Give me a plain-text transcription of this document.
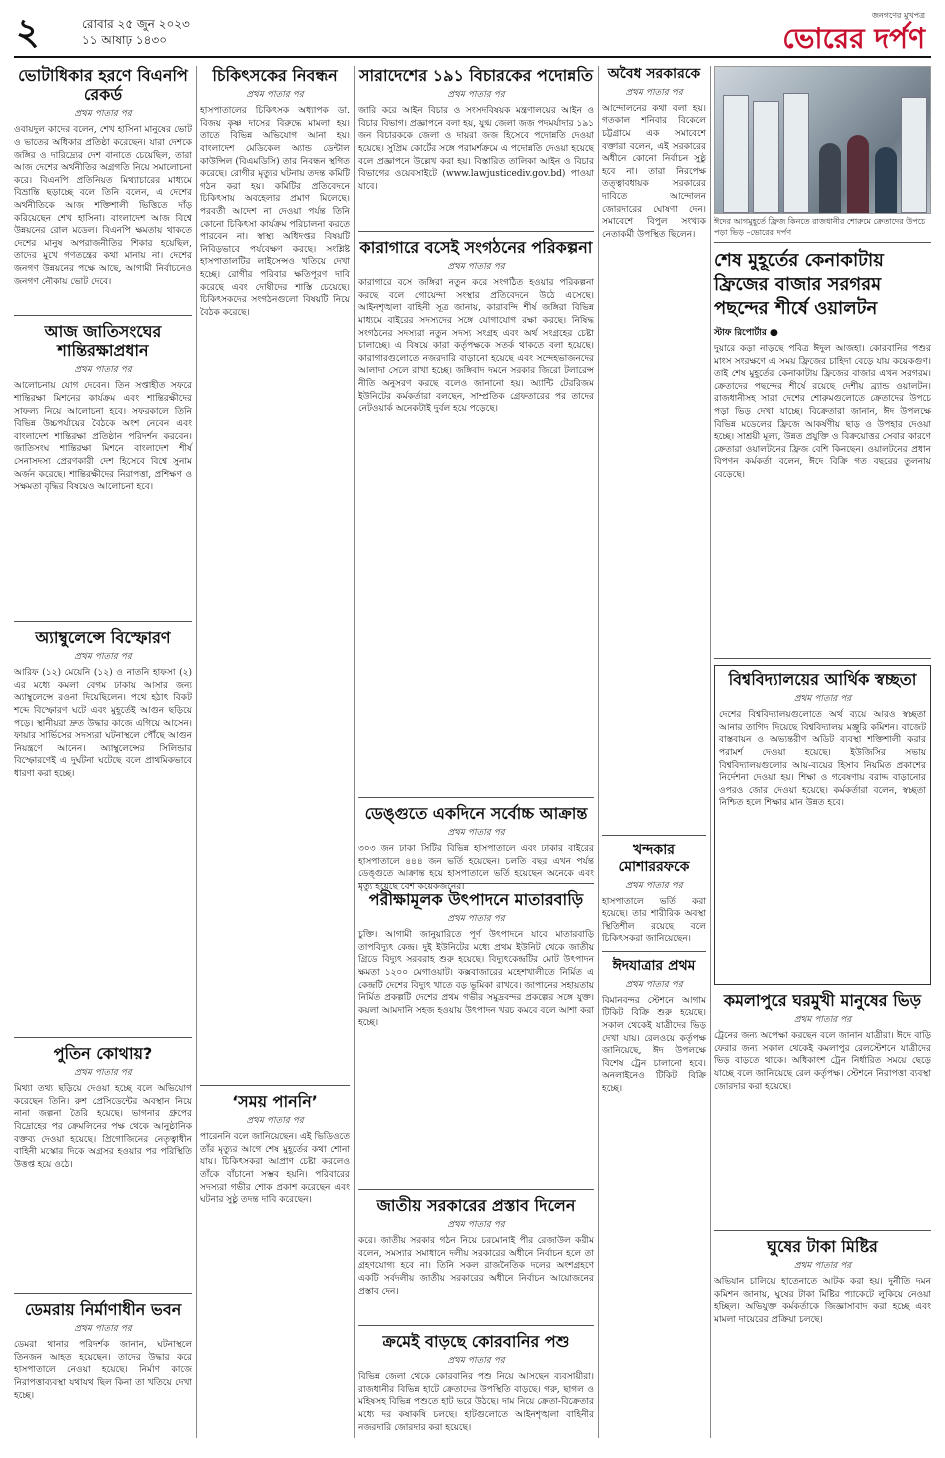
২	রোবার ২৫ জুন ২০২৩
১১ আষাঢ় ১৪৩০
জনগণের মুখপত্র
ভোরের দর্পণ
ভোটাধিকার হরণে বিএনপি রেকর্ড
প্রথম পাতার পর
ওবায়দুল কাদের বলেন, শেখ হাসিনা মানুষের ভোট ও ভাতের অধিকার প্রতিষ্ঠা করেছেন। যারা দেশকে জঙ্গির ও দারিদ্র্যের দেশ বানাতে চেয়েছিল, তারা আজ দেশের অর্থনীতির অগ্রগতি নিয়ে সমালোচনা করে। বিএনপি প্রতিনিয়ত মিথ্যাচারের মাধ্যমে বিভ্রান্তি ছড়াচ্ছে বলে তিনি বলেন, এ দেশের অর্থনীতিকে আজ শক্তিশালী ভিত্তিতে দাঁড় করিয়েছেন শেখ হাসিনা। বাংলাদেশ আজ বিশ্বে উন্নয়নের রোল মডেল। বিএনপি ক্ষমতায় থাকতে দেশের মানুষ অপরাজনীতির শিকার হয়েছিল, তাদের মুখে গণতন্ত্রের কথা মানায় না। দেশের জনগণ উন্নয়নের পক্ষে আছে, আগামী নির্বাচনেও জনগণ নৌকায় ভোট দেবে।
আজ জাতিসংঘের শান্তিরক্ষাপ্রধান
প্রথম পাতার পর
আলোচনায় যোগ দেবেন। তিন সপ্তাহীত সফরে শান্তিরক্ষা মিশনের কার্যক্রম এবং শান্তিরক্ষীদের সাফল্য নিয়ে আলোচনা হবে। সফরকালে তিনি বিভিন্ন উচ্চপর্যায়ের বৈঠকে অংশ নেবেন এবং বাংলাদেশ শান্তিরক্ষা প্রতিষ্ঠান পরিদর্শন করবেন। জাতিসংঘ শান্তিরক্ষা মিশনে বাংলাদেশ শীর্ষ সেনাসদস্য প্রেরণকারী দেশ হিসেবে বিশ্বে সুনাম অর্জন করেছে। শান্তিরক্ষীদের নিরাপত্তা, প্রশিক্ষণ ও সক্ষমতা বৃদ্ধির বিষয়েও আলোচনা হবে।
অ্যাম্বুলেন্সে বিস্ফোরণ
প্রথম পাতার পর
আরিফ (১২) মেয়েনি (১২) ও নাতনি হাফসা (২) এর মধ্যে কমলা বেগম ঢাকায় আসার জন্য অ্যাম্বুলেন্সে রওনা দিয়েছিলেন। পথে হঠাৎ বিকট শব্দে বিস্ফোরণ ঘটে এবং মুহূর্তেই আগুন ছড়িয়ে পড়ে। স্থানীয়রা দ্রুত উদ্ধার কাজে এগিয়ে আসেন। ফায়ার সার্ভিসের সদস্যরা ঘটনাস্থলে পৌঁছে আগুন নিয়ন্ত্রণে আনেন। অ্যাম্বুলেন্সের সিলিন্ডার বিস্ফোরণেই এ দুর্ঘটনা ঘটেছে বলে প্রাথমিকভাবে ধারণা করা হচ্ছে।
পুতিন কোথায়?
প্রথম পাতার পর
মিথ্যা তথ্য ছড়িয়ে দেওয়া হচ্ছে বলে অভিযোগ করেছেন তিনি। রুশ প্রেসিডেন্টের অবস্থান নিয়ে নানা জল্পনা তৈরি হয়েছে। ভাগনার গ্রুপের বিদ্রোহের পর ক্রেমলিনের পক্ষ থেকে আনুষ্ঠানিক বক্তব্য দেওয়া হয়েছে। প্রিগোজিনের নেতৃত্বাধীন বাহিনী মস্কোর দিকে অগ্রসর হওয়ার পর পরিস্থিতি উত্তপ্ত হয়ে ওঠে।
ডেমরায় নির্মাণাধীন ভবন
প্রথম পাতার পর
ডেমরা থানার পরিদর্শক জানান, ঘটনাস্থলে তিনজন আহত হয়েছেন। তাদের উদ্ধার করে হাসপাতালে নেওয়া হয়েছে। নির্মাণ কাজে নিরাপত্তাব্যবস্থা যথাযথ ছিল কিনা তা খতিয়ে দেখা হচ্ছে।
চিকিৎসকের নিবন্ধন
প্রথম পাতার পর
হাসপাতালের চিকিৎসক অধ্যাপক ডা. বিজয় কৃষ্ণ দাসের বিরুদ্ধে মামলা হয়। তাতে বিভিন্ন অভিযোগ আনা হয়। বাংলাদেশ মেডিকেল অ্যান্ড ডেন্টাল কাউন্সিল (বিএমডিসি) তার নিবন্ধন স্থগিত করেছে। রোগীর মৃত্যুর ঘটনায় তদন্ত কমিটি গঠন করা হয়। কমিটির প্রতিবেদনে চিকিৎসায় অবহেলার প্রমাণ মিলেছে। পরবর্তী আদেশ না দেওয়া পর্যন্ত তিনি কোনো চিকিৎসা কার্যক্রম পরিচালনা করতে পারবেন না। স্বাস্থ্য অধিদপ্তর বিষয়টি নিবিড়ভাবে পর্যবেক্ষণ করছে। সংশ্লিষ্ট হাসপাতালটির লাইসেন্সও খতিয়ে দেখা হচ্ছে। রোগীর পরিবার ক্ষতিপূরণ দাবি করেছে এবং দোষীদের শাস্তি চেয়েছে। চিকিৎসকদের সংগঠনগুলো বিষয়টি নিয়ে বৈঠক করেছে।
‘সময় পাননি’
প্রথম পাতার পর
পারেননি বলে জানিয়েছেন। এই ভিডিওতে তাঁর মৃত্যুর আগে শেষ মুহূর্তের কথা শোনা যায়। চিকিৎসকরা আপ্রাণ চেষ্টা করলেও তাঁকে বাঁচানো সম্ভব হয়নি। পরিবারের সদস্যরা গভীর শোক প্রকাশ করেছেন এবং ঘটনার সুষ্ঠু তদন্ত দাবি করেছেন।
সারাদেশের ১৯১ বিচারকের পদোন্নতি
প্রথম পাতার পর
জারি করে আইন বিচার ও সংসদবিষয়ক মন্ত্রণালয়ের আইন ও বিচার বিভাগ। প্রজ্ঞাপনে বলা হয়, যুগ্ম জেলা জজ পদমর্যাদার ১৯১ জন বিচারককে জেলা ও দায়রা জজ হিসেবে পদোন্নতি দেওয়া হয়েছে। সুপ্রিম কোর্টের সঙ্গে পরামর্শক্রমে এ পদোন্নতি দেওয়া হয়েছে বলে প্রজ্ঞাপনে উল্লেখ করা হয়। বিস্তারিত তালিকা আইন ও বিচার বিভাগের ওয়েবসাইটে (www.lawjusticediv.gov.bd) পাওয়া যাবে।
কারাগারে বসেই সংগঠনের পরিকল্পনা
প্রথম পাতার পর
কারাগারে বসে জঙ্গিরা নতুন করে সংগঠিত হওয়ার পরিকল্পনা করছে বলে গোয়েন্দা সংস্থার প্রতিবেদনে উঠে এসেছে। আইনশৃঙ্খলা বাহিনী সূত্র জানায়, কারাবন্দি শীর্ষ জঙ্গিরা বিভিন্ন মাধ্যমে বাইরের সদস্যদের সঙ্গে যোগাযোগ রক্ষা করছে। নিষিদ্ধ সংগঠনের সদস্যরা নতুন সদস্য সংগ্রহ এবং অর্থ সংগ্রহের চেষ্টা চালাচ্ছে। এ বিষয়ে কারা কর্তৃপক্ষকে সতর্ক থাকতে বলা হয়েছে। কারাগারগুলোতে নজরদারি বাড়ানো হয়েছে এবং সন্দেহভাজনদের আলাদা সেলে রাখা হচ্ছে। জঙ্গিবাদ দমনে সরকার জিরো টলারেন্স নীতি অনুসরণ করছে বলেও জানানো হয়। অ্যান্টি টেররিজম ইউনিটের কর্মকর্তারা বলছেন, সাম্প্রতিক গ্রেফতারের পর তাদের নেটওয়ার্ক অনেকটাই দুর্বল হয়ে পড়েছে।
ডেঙ্গুতে একদিনে সর্বোচ্চ আক্রান্ত
প্রথম পাতার পর
৩০৩ জন ঢাকা সিটির বিভিন্ন হাসপাতালে এবং ঢাকার বাইরের হাসপাতালে ৪৪৪ জন ভর্তি হয়েছেন। চলতি বছর এখন পর্যন্ত ডেঙ্গুতে আক্রান্ত হয়ে হাসপাতালে ভর্তি হয়েছেন অনেকে এবং মৃত্যু হয়েছে বেশ কয়েকজনের।
পরীক্ষামূলক উৎপাদনে মাতারবাড়ি
প্রথম পাতার পর
চুক্তি। আগামী জানুয়ারিতে পূর্ণ উৎপাদনে যাবে মাতারবাড়ি তাপবিদ্যুৎ কেন্দ্র। দুই ইউনিটের মধ্যে প্রথম ইউনিট থেকে জাতীয় গ্রিডে বিদ্যুৎ সরবরাহ শুরু হয়েছে। বিদ্যুৎকেন্দ্রটির মোট উৎপাদন ক্ষমতা ১২০০ মেগাওয়াট। কক্সবাজারের মহেশখালীতে নির্মিত এ কেন্দ্রটি দেশের বিদ্যুৎ খাতে বড় ভূমিকা রাখবে। জাপানের সহায়তায় নির্মিত প্রকল্পটি দেশের প্রথম গভীর সমুদ্রবন্দর প্রকল্পের সঙ্গে যুক্ত। কয়লা আমদানি সহজ হওয়ায় উৎপাদন খরচ কমবে বলে আশা করা হচ্ছে।
জাতীয় সরকারের প্রস্তাব দিলেন
প্রথম পাতার পর
করে। জাতীয় সরকার গঠন নিয়ে চরমোনাই পীর রেজাউল করীম বলেন, সমস্যার সমাধানে দলীয় সরকারের অধীনে নির্বাচন হলে তা গ্রহণযোগ্য হবে না। তিনি সকল রাজনৈতিক দলের অংশগ্রহণে একটি সর্বদলীয় জাতীয় সরকারের অধীনে নির্বাচন আয়োজনের প্রস্তাব দেন।
ক্রমেই বাড়ছে কোরবানির পশু
প্রথম পাতার পর
বিভিন্ন জেলা থেকে কোরবানির পশু নিয়ে আসছেন ব্যবসায়ীরা। রাজধানীর বিভিন্ন হাটে ক্রেতাদের উপস্থিতি বাড়ছে। গরু, ছাগল ও মহিষসহ বিভিন্ন পশুতে হাট ভরে উঠছে। দাম নিয়ে ক্রেতা-বিক্রেতার মধ্যে দর কষাকষি চলছে। হাটগুলোতে আইনশৃঙ্খলা বাহিনীর নজরদারি জোরদার করা হয়েছে।
অবৈধ সরকারকে
প্রথম পাতার পর
আন্দোলনের কথা বলা হয়। গতকাল শনিবার বিকেলে চট্টগ্রামে এক সমাবেশে বক্তারা বলেন, এই সরকারের অধীনে কোনো নির্বাচন সুষ্ঠু হবে না। তারা নিরপেক্ষ তত্ত্বাবধায়ক সরকারের দাবিতে আন্দোলন জোরদারের ঘোষণা দেন। সমাবেশে বিপুল সংখ্যক নেতাকর্মী উপস্থিত ছিলেন।
খন্দকার মোশাররফকে
প্রথম পাতার পর
হাসপাতালে ভর্তি করা হয়েছে। তার শারীরিক অবস্থা স্থিতিশীল রয়েছে বলে চিকিৎসকরা জানিয়েছেন।
ঈদযাত্রার প্রথম
প্রথম পাতার পর
বিমানবন্দর স্টেশনে আগাম টিকিট বিক্রি শুরু হয়েছে। সকাল থেকেই যাত্রীদের ভিড় দেখা যায়। রেলওয়ে কর্তৃপক্ষ জানিয়েছে, ঈদ উপলক্ষে বিশেষ ট্রেন চালানো হবে। অনলাইনেও টিকিট বিক্রি হচ্ছে।
ঈদের আগমুহূর্তে ফ্রিজ কিনতে রাজধানীর শোরুমে ক্রেতাদের উপচে পড়া ভিড় –ভোরের দর্পণ
শেষ মুহূর্তের কেনাকাটায় ফ্রিজের বাজার সরগরম পছন্দের শীর্ষে ওয়ালটন
স্টাফ রিপোর্টার ●
দুয়ারে কড়া নাড়ছে পবিত্র ঈদুল আজহা। কোরবানির পশুর মাংস সংরক্ষণে এ সময় ফ্রিজের চাহিদা বেড়ে যায় কয়েকগুণ। তাই শেষ মুহূর্তের কেনাকাটায় ফ্রিজের বাজার এখন সরগরম। ক্রেতাদের পছন্দের শীর্ষে রয়েছে দেশীয় ব্র্যান্ড ওয়ালটন। রাজধানীসহ সারা দেশের শোরুমগুলোতে ক্রেতাদের উপচে পড়া ভিড় দেখা যাচ্ছে। বিক্রেতারা জানান, ঈদ উপলক্ষে বিভিন্ন মডেলের ফ্রিজে আকর্ষণীয় ছাড় ও উপহার দেওয়া হচ্ছে। সাশ্রয়ী মূল্য, উন্নত প্রযুক্তি ও বিক্রয়োত্তর সেবার কারণে ক্রেতারা ওয়ালটনের ফ্রিজ বেশি কিনছেন। ওয়ালটনের প্রধান বিপণন কর্মকর্তা বলেন, ঈদে বিক্রি গত বছরের তুলনায় বেড়েছে।
বিশ্ববিদ্যালয়ের আর্থিক স্বচ্ছতা
প্রথম পাতার পর
দেশের বিশ্ববিদ্যালয়গুলোতে অর্থ ব্যয়ে আরও স্বচ্ছতা আনার তাগিদ দিয়েছে বিশ্ববিদ্যালয় মঞ্জুরি কমিশন। বাজেট বাস্তবায়ন ও অভ্যন্তরীণ অডিট ব্যবস্থা শক্তিশালী করার পরামর্শ দেওয়া হয়েছে। ইউজিসির সভায় বিশ্ববিদ্যালয়গুলোর আয়-ব্যয়ের হিসাব নিয়মিত প্রকাশের নির্দেশনা দেওয়া হয়। শিক্ষা ও গবেষণায় বরাদ্দ বাড়ানোর ওপরও জোর দেওয়া হয়েছে। কর্মকর্তারা বলেন, স্বচ্ছতা নিশ্চিত হলে শিক্ষার মান উন্নত হবে।
কমলাপুরে ঘরমুখী মানুষের ভিড়
প্রথম পাতার পর
ট্রেনের জন্য অপেক্ষা করছেন বলে জানান যাত্রীরা। ঈদে বাড়ি ফেরার জন্য সকাল থেকেই কমলাপুর রেলস্টেশনে যাত্রীদের ভিড় বাড়তে থাকে। অধিকাংশ ট্রেন নির্ধারিত সময়ে ছেড়ে যাচ্ছে বলে জানিয়েছে রেল কর্তৃপক্ষ। স্টেশনে নিরাপত্তা ব্যবস্থা জোরদার করা হয়েছে।
ঘুষের টাকা মিষ্টির
প্রথম পাতার পর
অভিযান চালিয়ে হাতেনাতে আটক করা হয়। দুর্নীতি দমন কমিশন জানায়, ঘুষের টাকা মিষ্টির প্যাকেটে লুকিয়ে নেওয়া হচ্ছিল। অভিযুক্ত কর্মকর্তাকে জিজ্ঞাসাবাদ করা হচ্ছে এবং মামলা দায়েরের প্রক্রিয়া চলছে।
